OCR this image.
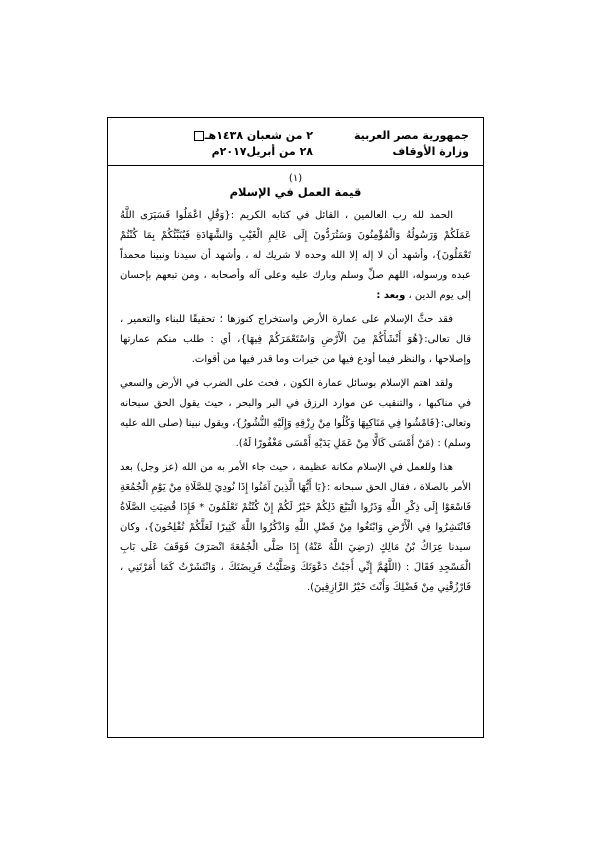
جمهورية مصر العربية
وزارة الأوقاف
٢ من شعبان ١٤٣٨هـ
٢٨ من أبريل٢٠١٧م
(١)
قيمة العمل في الإسلام

الحمد لله رب العالمين ، القائل في كتابه الكريم :{وَقُلِ اعْمَلُوا فَسَيَرَى اللَّهُ عَمَلَكُمْ وَرَسُولُهُ وَالْمُؤْمِنُونَ وَسَتُرَدُّونَ إِلَى عَالِمِ الْغَيْبِ وَالشَّهَادَةِ فَيُنَبِّئُكُمْ بِمَا كُنْتُمْ تَعْمَلُونَ}، وأشهد أن لا إله إلا الله وحده لا شريك له ، وأشهد أن سيدنا ونبينا محمداً عبده ورسوله، اللهم صلِّ وسلم وبارك عليه وعلى آله وأصحابه ، ومن تبعهم بإحسان إلى يوم الدين ، وبعد :

فقد حثَّ الإسلام على عمارة الأرض واستخراج كنوزها ؛ تحقيقًا للبناء والتعمير ، قال تعالى:{هُوَ أَنْشَأَكُمْ مِنَ الْأَرْضِ وَاسْتَعْمَرَكُمْ فِيهَا}، أي : طلب منكم عمارتها وإصلاحها ، والنظر فيما أودع فيها من خيرات وما قدر فيها من أقوات.

ولقد اهتم الإسلام بوسائل عمارة الكون ، فحث على الضرب في الأرض والسعي في مناكبها ، والتنقيب عن موارد الرزق في البر والبحر ، حيث يقول الحق سبحانه وتعالى:{فَامْشُوا فِي مَنَاكِبِهَا وَكُلُوا مِنْ رِزْقِهِ وَإِلَيْهِ النُّشُورُ}، ويقول نبينا (صلى الله عليه وسلم) : (مَنْ أَمْسَى كَالًّا مِنْ عَمَلِ يَدَيْهِ أَمْسَى مَغْفُورًا لَهُ).

هذا وللعمل في الإسلام مكانة عظيمة ، حيث جاء الأمر به من الله (عز وجل) بعد الأمر بالصلاة ، فقال الحق سبحانه :{يَا أَيُّهَا الَّذِينَ آمَنُوا إِذَا نُودِيَ لِلصَّلَاةِ مِنْ يَوْمِ الْجُمُعَةِ فَاسْعَوْا إِلَى ذِكْرِ اللَّهِ وَذَرُوا الْبَيْعَ ذَلِكُمْ خَيْرٌ لَكُمْ إِنْ كُنْتُمْ تَعْلَمُونَ * فَإِذَا قُضِيَتِ الصَّلَاةُ فَانْتَشِرُوا فِي الْأَرْضِ وَابْتَغُوا مِنْ فَضْلِ اللَّهِ وَاذْكُرُوا اللَّهَ كَثِيرًا لَعَلَّكُمْ تُفْلِحُونَ}، وكان سيدنا عِرَاكُ بْنُ مَالِكٍ (رَضِيَ اللَّهُ عَنْهُ) إِذَا صَلَّى الْجُمُعَةَ انْصَرَفَ فَوَقَفَ عَلَى بَابِ الْمَسْجِدِ فَقَالَ : (اللَّهُمَّ إِنِّي أَجَبْتُ دَعْوَتَكَ وَصَلَّيْتُ فَرِيضَتَكَ ، وَانْتَشَرْتُ كَمَا أَمَرْتَنِي ، فَارْزُقْنِي مِنْ فَضْلِكَ وَأَنْتَ خَيْرُ الرَّازِقِينَ).
